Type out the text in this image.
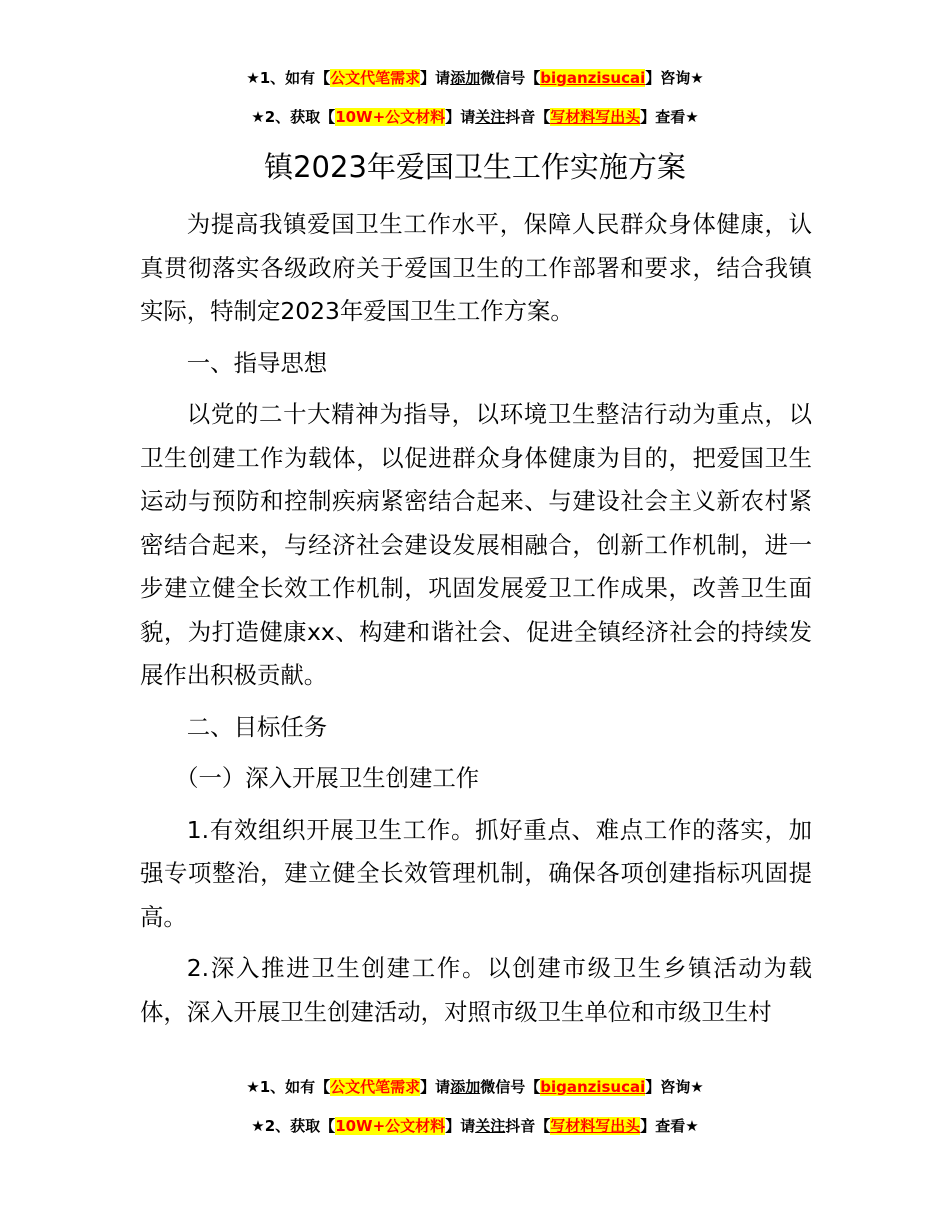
★1、如有【公文代笔需求】请添加微信号【biganzisucai】咨询★
★2、获取【10W+公文材料】请关注抖音【写材料写出头】查看★
镇2023年爱国卫生工作实施方案

为提高我镇爱国卫生工作水平，保障人民群众身体健康，认真贯彻落实各级政府关于爱国卫生的工作部署和要求，结合我镇实际，特制定2023年爱国卫生工作方案。

一、指导思想

以党的二十大精神为指导，以环境卫生整洁行动为重点，以卫生创建工作为载体，以促进群众身体健康为目的，把爱国卫生运动与预防和控制疾病紧密结合起来、与建设社会主义新农村紧密结合起来，与经济社会建设发展相融合，创新工作机制，进一步建立健全长效工作机制，巩固发展爱卫工作成果，改善卫生面貌，为打造健康xx、构建和谐社会、促进全镇经济社会的持续发展作出积极贡献。

二、目标任务

（一）深入开展卫生创建工作

1.有效组织开展卫生工作。抓好重点、难点工作的落实，加强专项整治，建立健全长效管理机制，确保各项创建指标巩固提高。

2.深入推进卫生创建工作。以创建市级卫生乡镇活动为载体，深入开展卫生创建活动，对照市级卫生单位和市级卫生村

★1、如有【公文代笔需求】请添加微信号【biganzisucai】咨询★
★2、获取【10W+公文材料】请关注抖音【写材料写出头】查看★
